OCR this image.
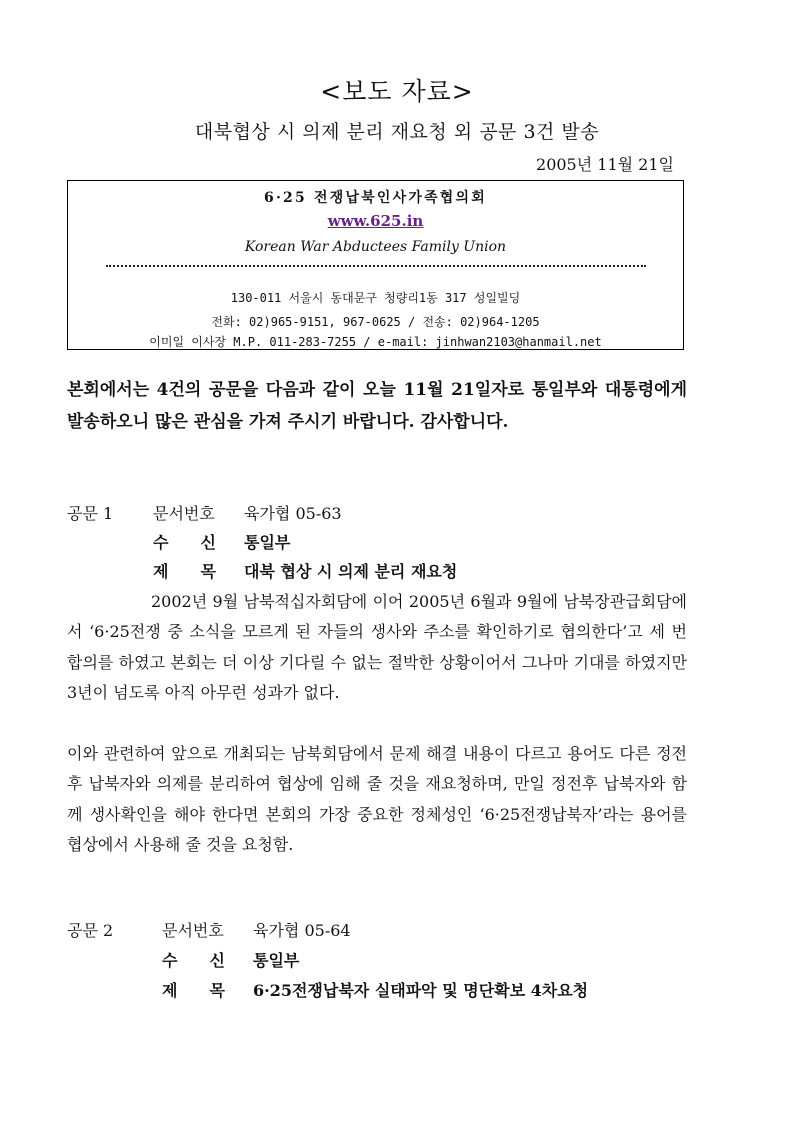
<보도 자료>
대북협상 시 의제 분리 재요청 외 공문 3건 발송
2005년 11월 21일
6·25 전쟁납북인사가족협의회
www.625.in
Korean War Abductees Family Union
130-011 서울시 동대문구 청량리1동 317 성일빌딩
전화: 02)965-9151, 967-0625 / 전송: 02)964-1205
이미일 이사장 M.P. 011-283-7255 / e-mail: jinhwan2103@hanmail.net
본회에서는 4건의 공문을 다음과 같이 오늘 11월 21일자로 통일부와 대통령에게 발송하오니 많은 관심을 가져 주시기 바랍니다. 감사합니다.
공문 1 문서번호 육가협 05-63
수　　신 통일부
제　　목 대북 협상 시 의제 분리 재요청
2002년 9월 남북적십자회담에 이어 2005년 6월과 9월에 남북장관급회담에서 ‘6·25전쟁 중 소식을 모르게 된 자들의 생사와 주소를 확인하기로 협의한다’고 세 번 합의를 하였고 본회는 더 이상 기다릴 수 없는 절박한 상황이어서 그나마 기대를 하였지만 3년이 넘도록 아직 아무런 성과가 없다.
이와 관련하여 앞으로 개최되는 남북회담에서 문제 해결 내용이 다르고 용어도 다른 정전후 납북자와 의제를 분리하여 협상에 임해 줄 것을 재요청하며, 만일 정전후 납북자와 함께 생사확인을 해야 한다면 본회의 가장 중요한 정체성인 ‘6·25전쟁납북자’라는 용어를 협상에서 사용해 줄 것을 요청함.
공문 2	문서번호 육가협 05-64
수　　신 통일부
제　　목 6·25전쟁납북자 실태파악 및 명단확보 4차요청
